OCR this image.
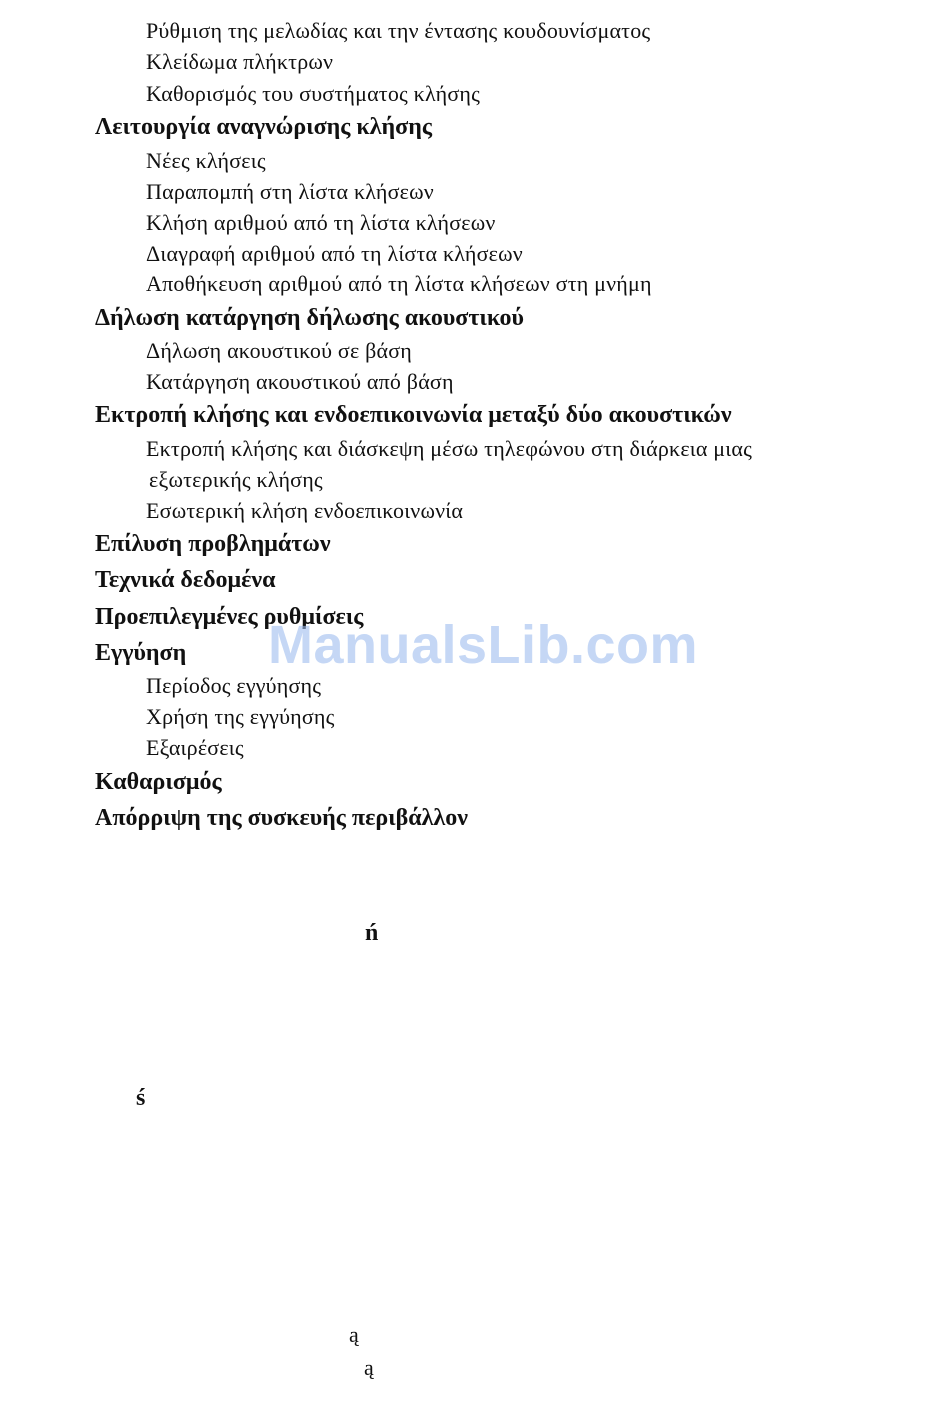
Ρύθμιση της μελωδίας και την έντασης κουδουνίσματος
Κλείδωμα πλήκτρων
Καθορισμός του συστήματος κλήσης
Λειτουργία αναγνώρισης κλήσης
Νέες κλήσεις
Παραπομπή στη λίστα κλήσεων
Κλήση αριθμού από τη λίστα κλήσεων
Διαγραφή αριθμού από τη λίστα κλήσεων
Αποθήκευση αριθμού από τη λίστα κλήσεων στη μνήμη
Δήλωση κατάργηση δήλωσης ακουστικού
Δήλωση ακουστικού σε βάση
Κατάργηση ακουστικού από βάση
Εκτροπή κλήσης και ενδοεπικοινωνία μεταξύ δύο ακουστικών
Εκτροπή κλήσης και διάσκεψη μέσω τηλεφώνου στη διάρκεια μιας
εξωτερικής κλήσης
Εσωτερική κλήση ενδοεπικοινωνία
Επίλυση προβλημάτων
Τεχνικά δεδομένα
Προεπιλεγμένες ρυθμίσεις
Εγγύηση
Περίοδος εγγύησης
Χρήση της εγγύησης
Εξαιρέσεις
Καθαρισμός
Απόρριψη της συσκευής περιβάλλον
ń
ś
ą
ą
ManualsLib.com
